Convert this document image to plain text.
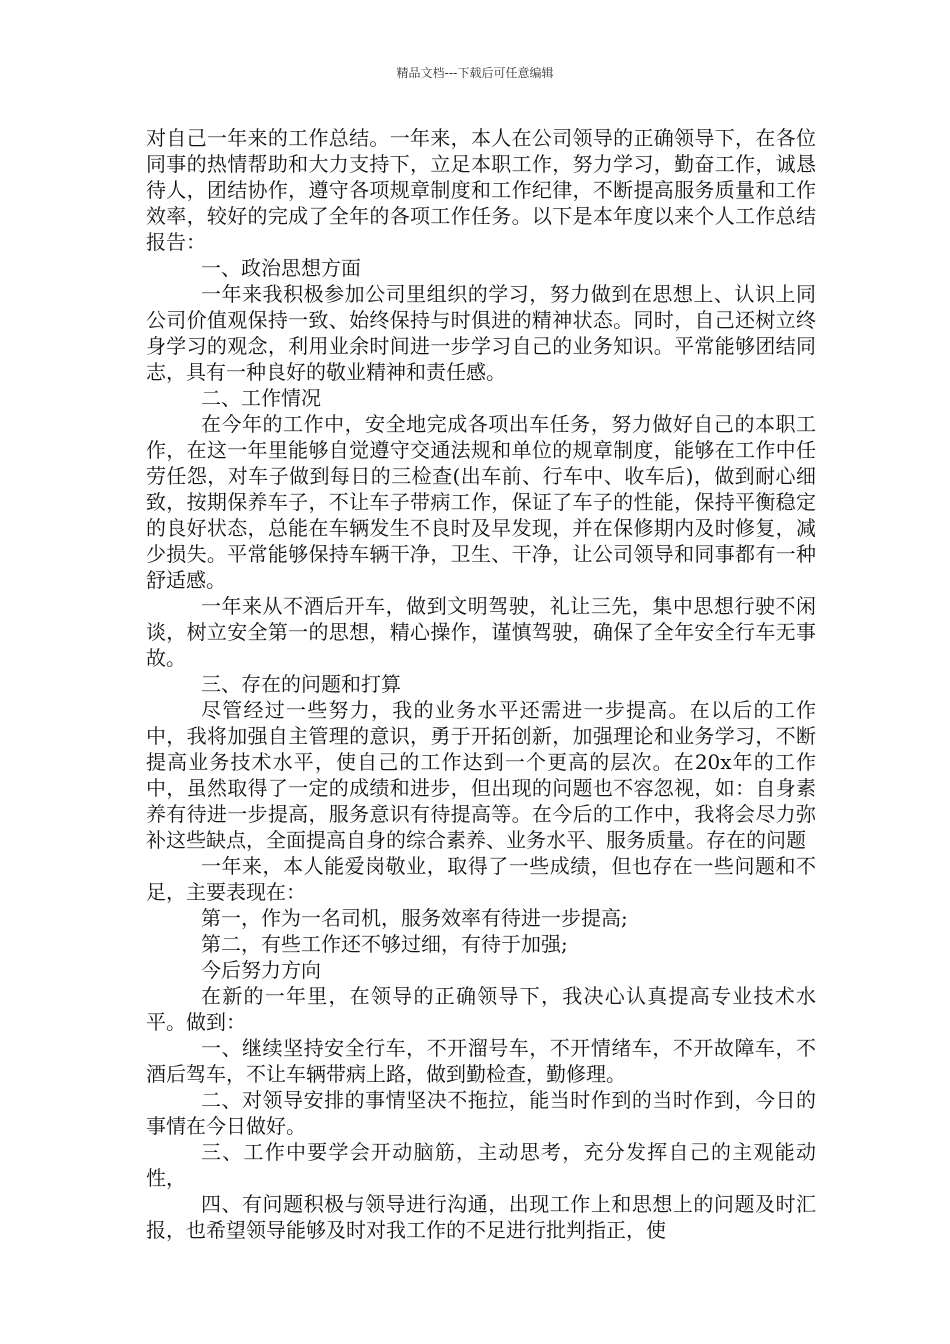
精品文档---下载后可任意编辑

对自己一年来的工作总结。一年来，本人在公司领导的正确领导下，在各位同事的热情帮助和大力支持下，立足本职工作，努力学习，勤奋工作，诚恳待人，团结协作，遵守各项规章制度和工作纪律，不断提高服务质量和工作效率，较好的完成了全年的各项工作任务。以下是本年度以来个人工作总结报告：

一、政治思想方面

一年来我积极参加公司里组织的学习，努力做到在思想上、认识上同公司价值观保持一致、始终保持与时俱进的精神状态。同时，自己还树立终身学习的观念，利用业余时间进一步学习自己的业务知识。平常能够团结同志，具有一种良好的敬业精神和责任感。

二、工作情况

在今年的工作中，安全地完成各项出车任务，努力做好自己的本职工作，在这一年里能够自觉遵守交通法规和单位的规章制度，能够在工作中任劳任怨，对车子做到每日的三检查(出车前、行车中、收车后)，做到耐心细致，按期保养车子，不让车子带病工作，保证了车子的性能，保持平衡稳定的良好状态，总能在车辆发生不良时及早发现，并在保修期内及时修复，减少损失。平常能够保持车辆干净，卫生、干净，让公司领导和同事都有一种舒适感。

一年来从不酒后开车，做到文明驾驶，礼让三先，集中思想行驶不闲谈，树立安全第一的思想，精心操作，谨慎驾驶，确保了全年安全行车无事故。

三、存在的问题和打算

尽管经过一些努力，我的业务水平还需进一步提高。在以后的工作中，我将加强自主管理的意识，勇于开拓创新，加强理论和业务学习，不断提高业务技术水平，使自己的工作达到一个更高的层次。在20x年的工作中，虽然取得了一定的成绩和进步，但出现的问题也不容忽视，如：自身素养有待进一步提高，服务意识有待提高等。在今后的工作中，我将会尽力弥补这些缺点，全面提高自身的综合素养、业务水平、服务质量。存在的问题

一年来，本人能爱岗敬业，取得了一些成绩，但也存在一些问题和不足，主要表现在：

第一，作为一名司机，服务效率有待进一步提高;

第二，有些工作还不够过细，有待于加强;

今后努力方向

在新的一年里，在领导的正确领导下，我决心认真提高专业技术水平。做到：

一、继续坚持安全行车，不开溜号车，不开情绪车，不开故障车，不酒后驾车，不让车辆带病上路，做到勤检查，勤修理。

二、对领导安排的事情坚决不拖拉，能当时作到的当时作到，今日的事情在今日做好。

三、工作中要学会开动脑筋，主动思考，充分发挥自己的主观能动性，

四、有问题积极与领导进行沟通，出现工作上和思想上的问题及时汇报，也希望领导能够及时对我工作的不足进行批判指正，使
